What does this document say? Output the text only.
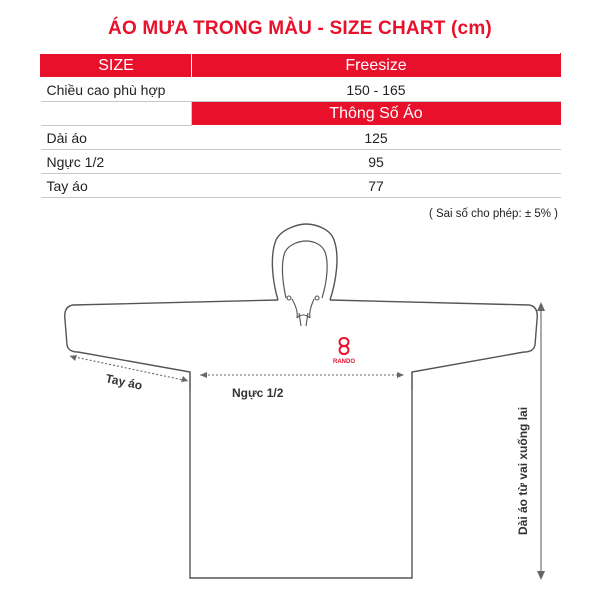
ÁO MƯA TRONG MÀU - SIZE CHART (cm)
SIZE	Freesize
Chiều cao phù hợp	150 - 165
	Thông Số Áo
Dài áo	125
Ngực 1/2	95
Tay áo	77
( Sai số cho phép: ± 5% )
Tay áo
Ngực 1/2
Dài áo từ vai xuống lai
RANDO
